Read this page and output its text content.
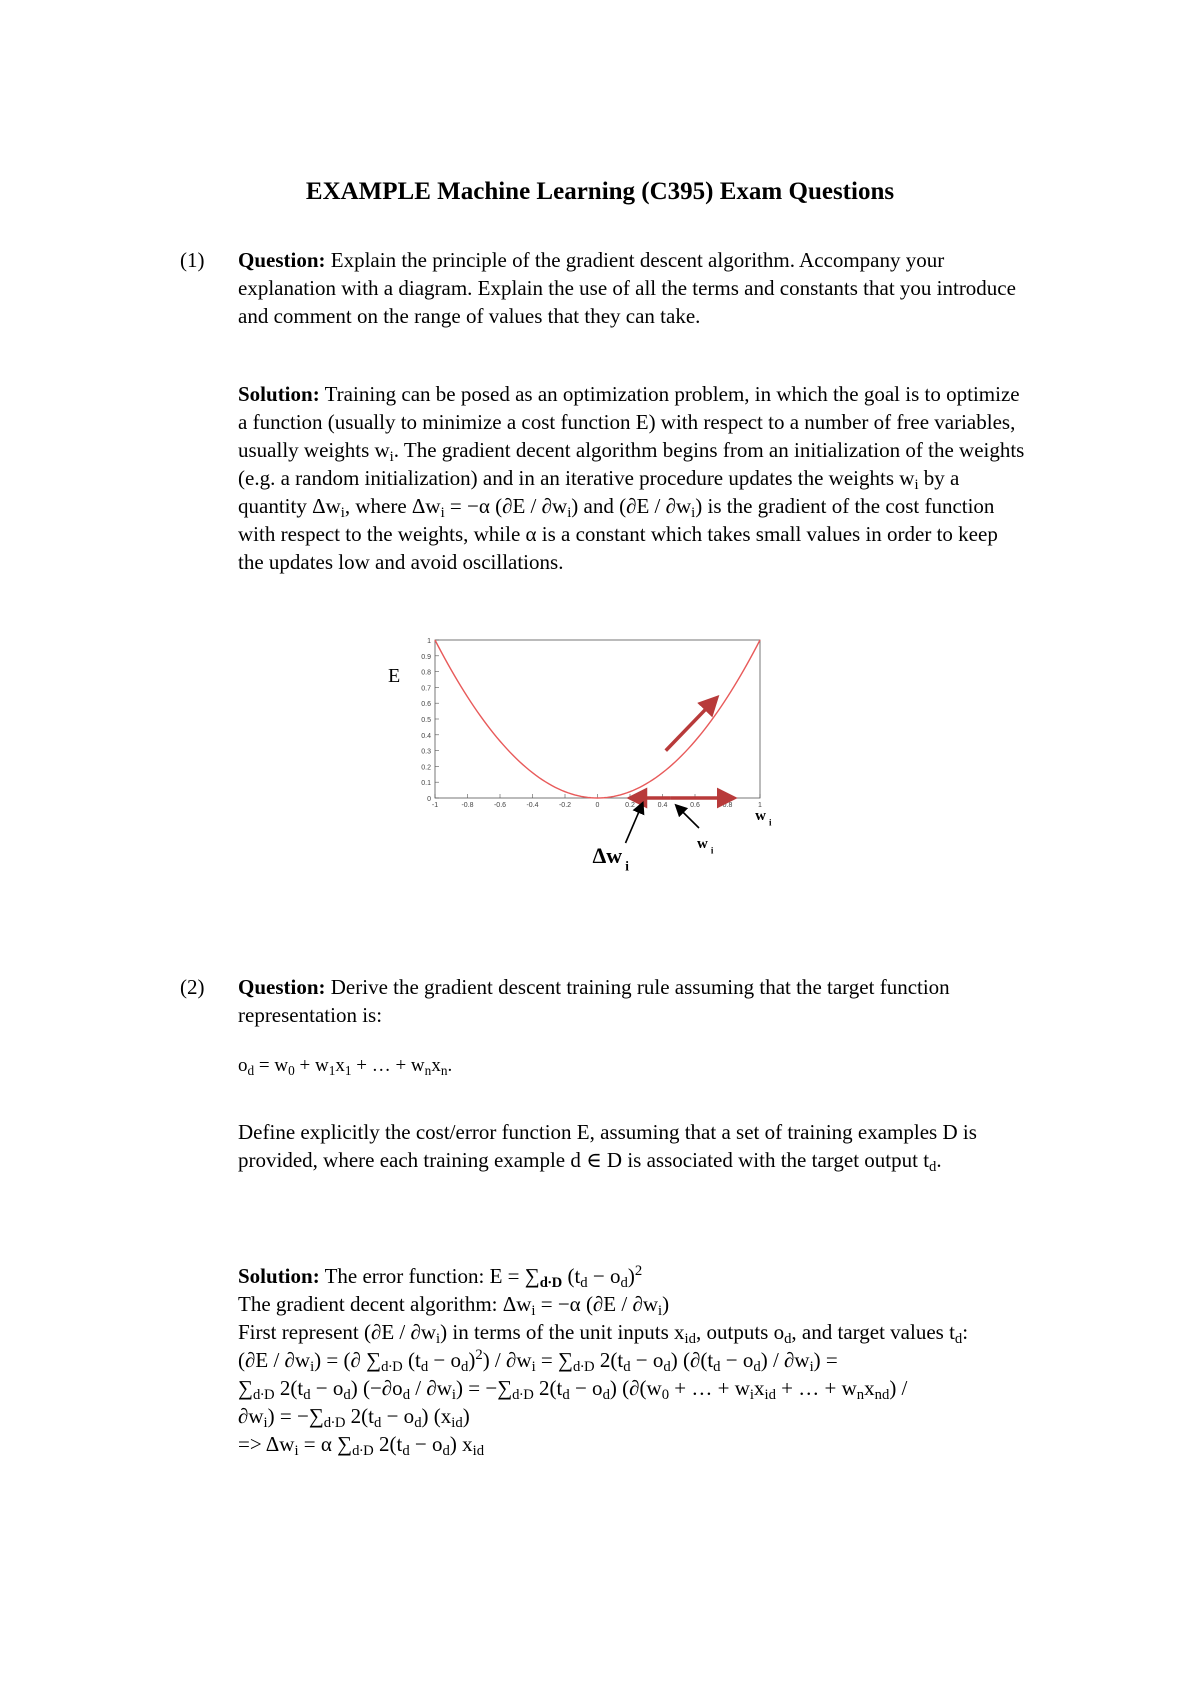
EXAMPLE Machine Learning (C395) Exam Questions
(1) Question: Explain the principle of the gradient descent algorithm. Accompany your explanation with a diagram. Explain the use of all the terms and constants that you introduce and comment on the range of values that they can take.

Solution: Training can be posed as an optimization problem, in which the goal is to optimize a function (usually to minimize a cost function E) with respect to a number of free variables, usually weights $w_i$. The gradient decent algorithm begins from an initialization of the weights (e.g. a random initialization) and in an iterative procedure updates the weights $w_i$ by a quantity $\Delta w_i$, where $\Delta w_i = -\alpha$ $(\partial E / \partial w_i)$ and $(\partial E / \partial w_i)$ is the gradient of the cost function with respect to the weights, while α is a constant which takes small values in order to keep the updates low and avoid oscillations.

E
0
0.1
0.2
0.3
0.4
0.5
0.6
0.7
0.8
0.9
1
-1	-0.8	-0.6	-0.4	-0.2	0	0.2	0.4	0.6	0.8	1
Δw $_i$
w $_i$
w $_i$
(2) Question: Derive the gradient descent training rule assuming that the target function representation is:

$o_d = w_0 + w_1x_1$ + … + $w_nx_n$.

Define explicitly the cost/error function E, assuming that a set of training examples D is provided, where each training example d ∈ D is associated with the target output $t_d$.

Solution: The error function: $E = \sum_{d\cdot D}$ $(t_d - o_d)^2$

The gradient decent algorithm: $\Delta w_i = -\alpha$ $(\partial E / \partial w_i)$

First represent $(\partial E / \partial w_i)$ in terms of the unit inputs $x_{id}$, outputs $o_d$, and target values $t_d$:

$(\partial E / \partial w_i)$ = (∂ $\sum_{d\cdot D}$ $(t_d - o_d)^2) / \partial w_i = \sum_{d\cdot D}$ $2(t_d - o_d) (\partial(t_d - o_d) / \partial w_i)$ =

$\sum_{d\cdot D}$ $2(t_d - o_d)$ $(-\partial o_d / \partial w_i) = -\sum_{d\cdot D}$ $2(t_d - o_d) (\partial(w_0$ + … + $w_ix_{id}$ + … + $w_nx_{nd}$) /

$\partial w_i) = -\sum_{d\cdot D}$ $2(t_d - o_d)$ $(x_{id})$

=> $\Delta w_i = \alpha$ $\sum_{d\cdot D}$ $2(t_d - o_d)$ $x_{id}$
